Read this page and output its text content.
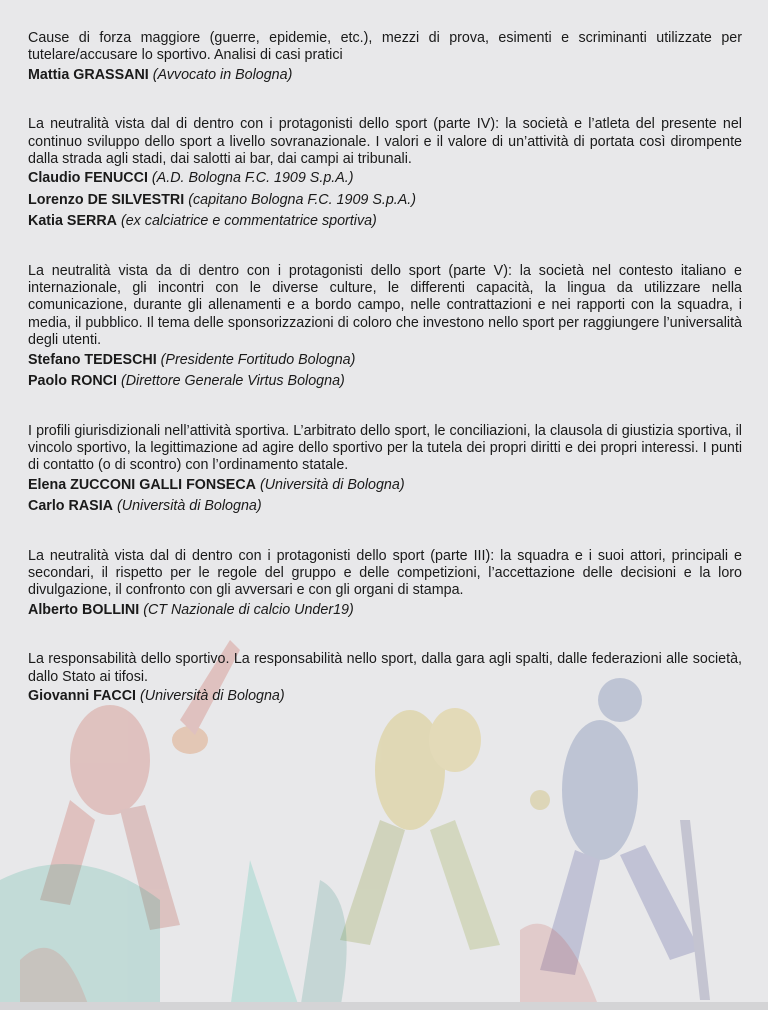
Cause di forza maggiore (guerre, epidemie, etc.), mezzi di prova, esimenti e scriminanti utilizzate per tutelare/accusare lo sportivo. Analisi di casi pratici

Mattia GRASSANI (Avvocato in Bologna)

La neutralità vista dal di dentro con i protagonisti dello sport (parte IV): la società e l’atleta del presente nel continuo sviluppo dello sport a livello sovranazionale. I valori e il valore di un’attività di portata così dirompente dalla strada agli stadi, dai salotti ai bar, dai campi ai tribunali.

Claudio FENUCCI (A.D. Bologna F.C. 1909 S.p.A.)

Lorenzo DE SILVESTRI (capitano Bologna F.C. 1909 S.p.A.)

Katia SERRA (ex calciatrice e commentatrice sportiva)

La neutralità vista da di dentro con i protagonisti dello sport (parte V): la società nel contesto italiano e internazionale, gli incontri con le diverse culture, le differenti capacità, la lingua da utilizzare nella comunicazione, durante gli allenamenti e a bordo campo, nelle contrattazioni e nei rapporti con la squadra, i media, il pubblico. Il tema delle sponsorizzazioni di coloro che investono nello sport per raggiungere l’universalità degli utenti.

Stefano TEDESCHI (Presidente Fortitudo Bologna)

Paolo RONCI (Direttore Generale Virtus Bologna)

I profili giurisdizionali nell’attività sportiva. L’arbitrato dello sport, le conciliazioni, la clausola di giustizia sportiva, il vincolo sportivo, la legittimazione ad agire dello sportivo per la tutela dei propri diritti e dei propri interessi. I punti di contatto (o di scontro) con l’ordinamento statale.

Elena ZUCCONI GALLI FONSECA (Università di Bologna)

Carlo RASIA (Università di Bologna)

La neutralità vista dal di dentro con i protagonisti dello sport (parte III): la squadra e i suoi attori, principali e secondari, il rispetto per le regole del gruppo e delle competizioni, l’accettazione delle decisioni e la loro divulgazione, il confronto con gli avversari e con gli organi di stampa.

Alberto BOLLINI (CT Nazionale di calcio Under19)

La responsabilità dello sportivo. La responsabilità nello sport, dalla gara agli spalti, dalle federazioni alle società, dallo Stato ai tifosi.

Giovanni FACCI (Università di Bologna)
